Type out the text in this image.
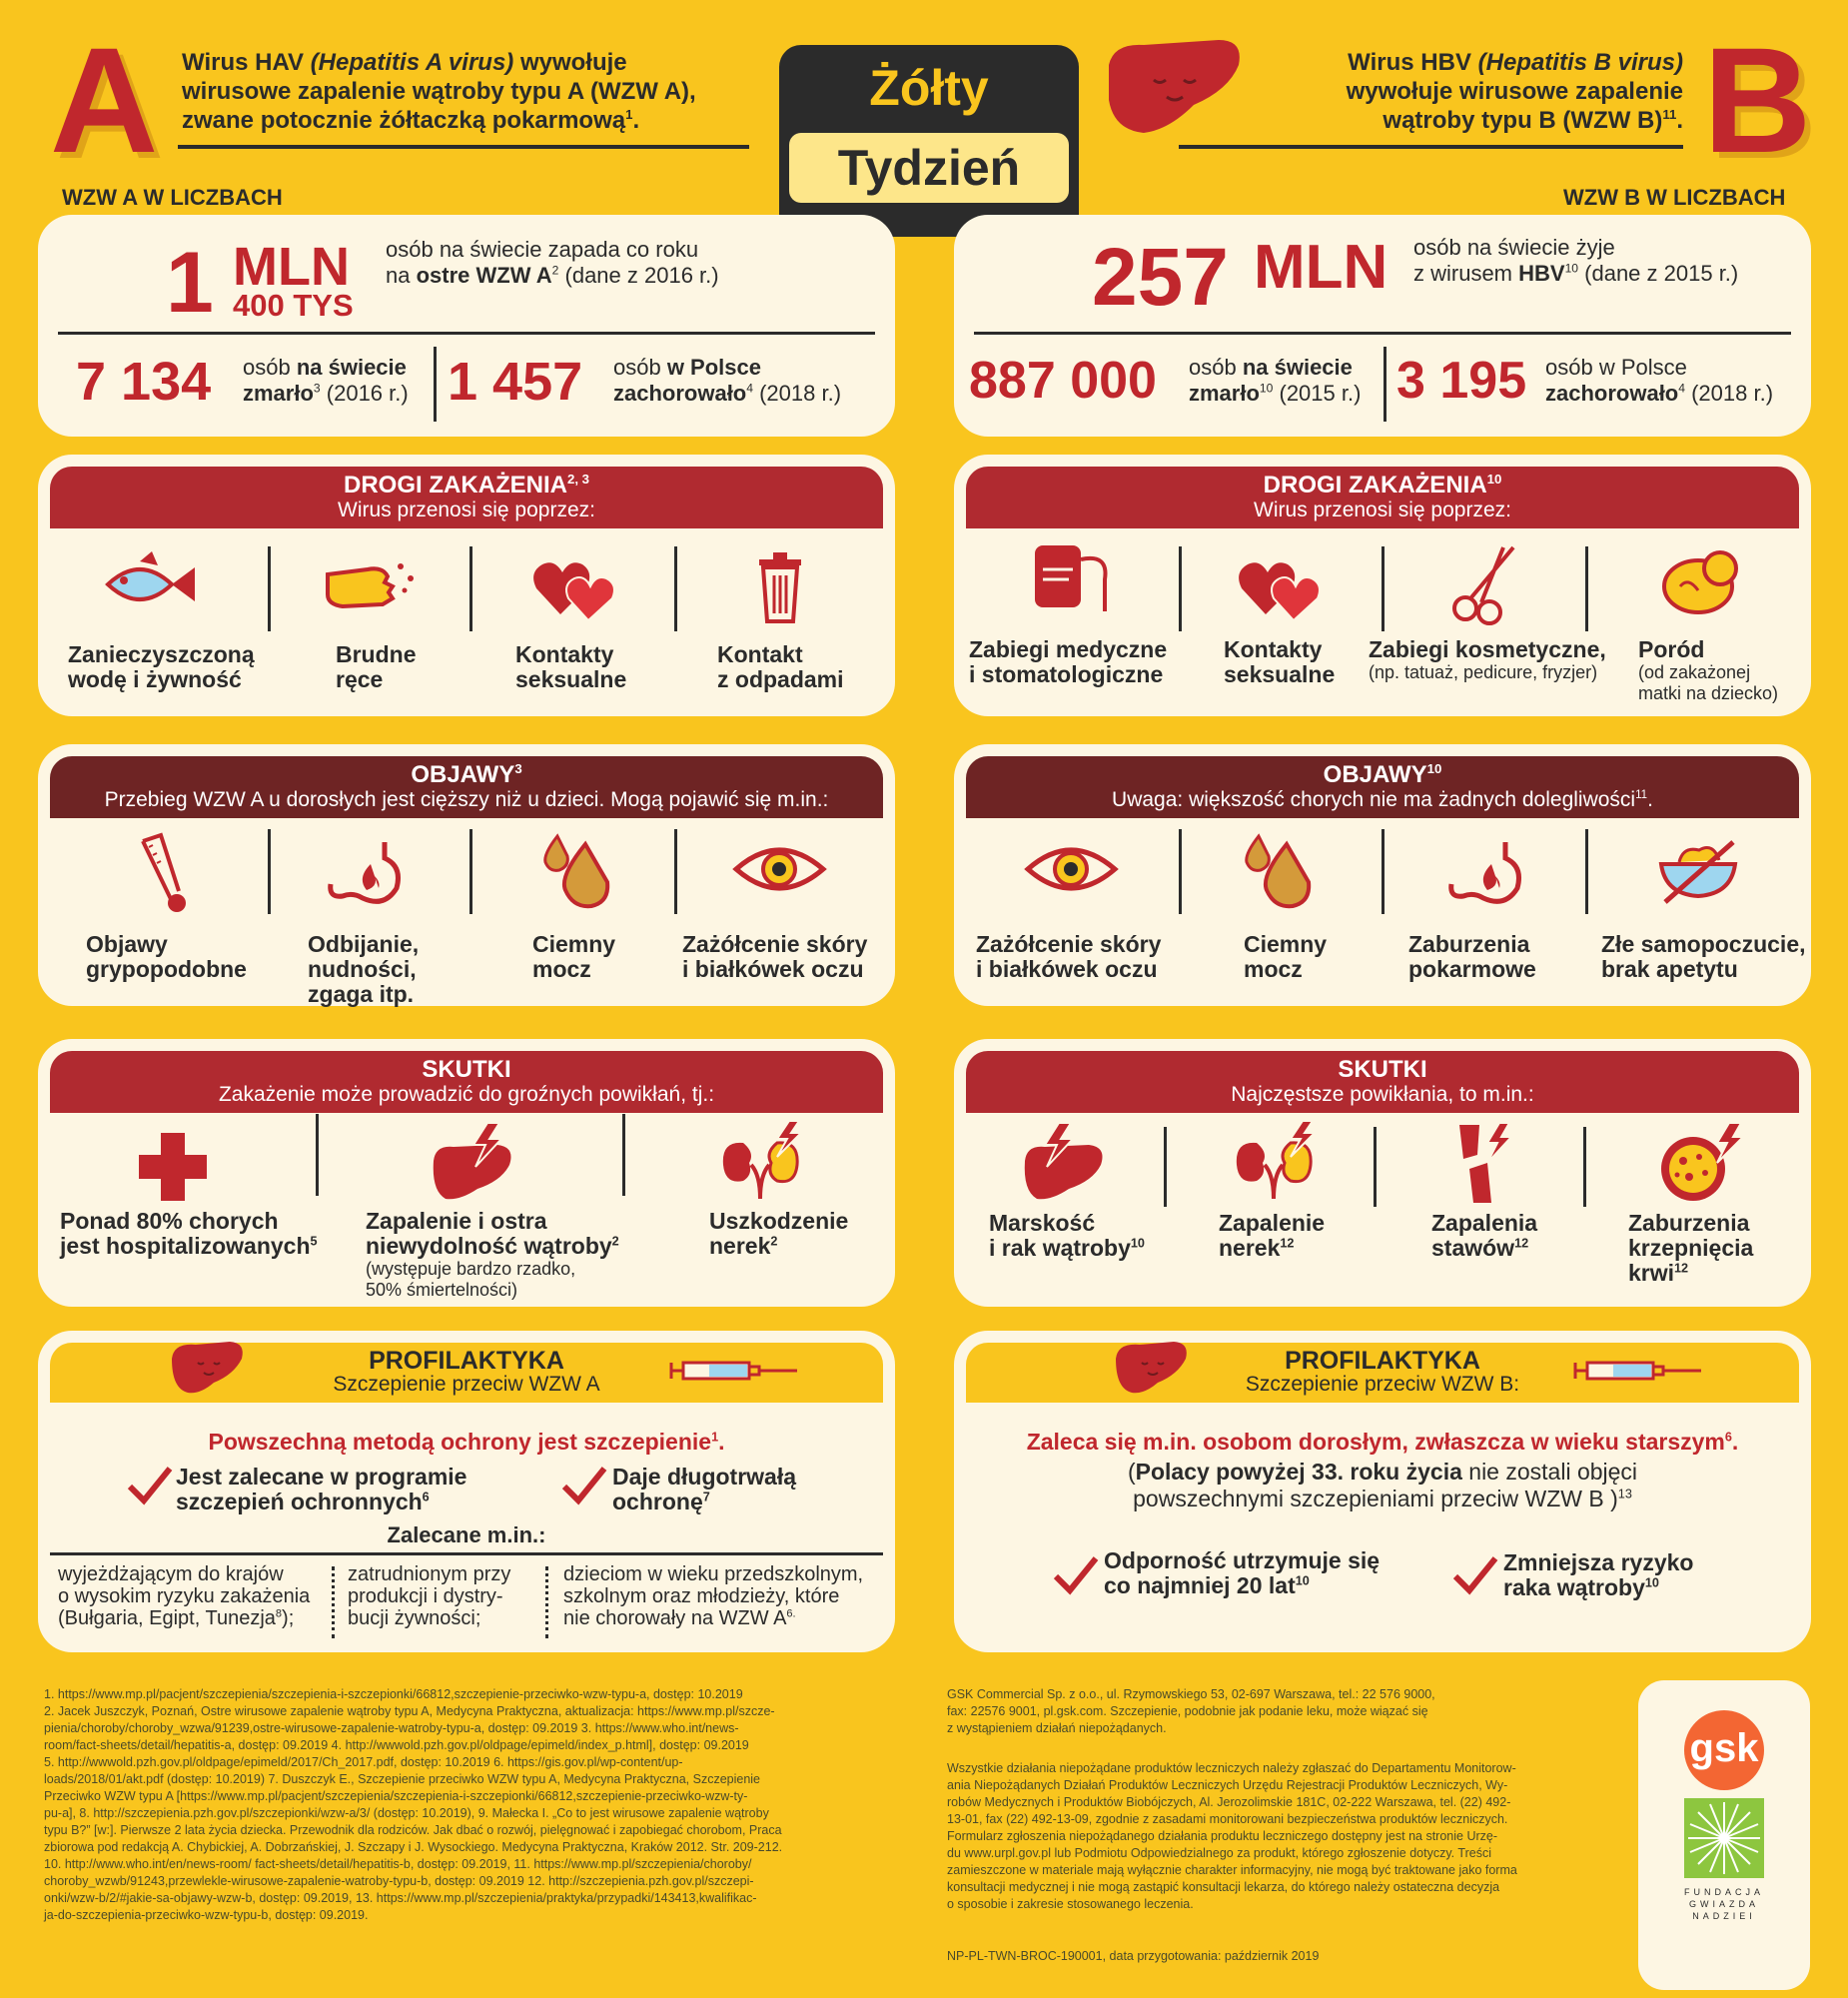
A Wirus HAV (Hepatitis A virus) wywołuje
wirusowe zapalenie wątroby typu A (WZW A),
zwane potocznie żółtaczką pokarmową$^1$.
Żółty
Tydzień
Wirus HBV (Hepatitis B virus)
wywołuje wirusowe zapalenie
wątroby typu B (WZW B)$^{11}$. B
WZW A W LICZBACH	WZW B W LICZBACH
1 MLN
400 TYS
osób na świecie zapada co roku
na ostre WZW $A^2$ (dane z 2016 r.)
7 134 osób na świecie
zmarło$^3$ (2016 r.) 1 457 osób w Polsce
zachorowało$^4$ (2018 r.)
257 MLN osób na świecie żyje
z wirusem HBV$^{10}$ (dane z 2015 r.)
887 000 osób na świecie
zmarło$^{10}$ (2015 r.) 3 195 osób w Polsce
zachorowało$^4$ (2018 r.)
DROGI ZAKAŻENIA$^{2, 3}$
Wirus przenosi się poprzez:
Zanieczyszczoną
wodę i żywność
Brudne
ręce
Kontakty
seksualne
Kontakt
z odpadami
DROGI ZAKAŻENIA$^{10}$
Wirus przenosi się poprzez:
Zabiegi medyczne
i stomatologiczne
Kontakty
seksualne
Zabiegi kosmetyczne,
(np. tatuaż, pedicure, fryzjer)
Poród
(od zakażonej
matki na dziecko)
OBJAWY$^3$
Przebieg WZW A u dorosłych jest cięższy niż u dzieci. Mogą pojawić się m.in.:
Objawy
grypopodobne
Odbijanie,
nudności,
zgaga itp.
Ciemny
mocz
Zażółcenie skóry
i białkówek oczu
OBJAWY$^{10}$
Uwaga: większość chorych nie ma żadnych dolegliwości$^{11}$.
Zażółcenie skóry
i białkówek oczu
Ciemny
mocz
Zaburzenia
pokarmowe
Złe samopoczucie,
brak apetytu
SKUTKI
Zakażenie może prowadzić do groźnych powikłań, tj.:
Ponad 80% chorych
jest hospitalizowanych$^5$
Zapalenie i ostra
niewydolność wątroby$^2$
(występuje bardzo rzadko,
50% śmiertelności)
Uszkodzenie
nerek$^2$
SKUTKI
Najczęstsze powikłania, to m.in.:
Marskość
i rak wątroby$^{10}$
Zapalenie
nerek$^{12}$
Zapalenia
stawów$^{12}$
Zaburzenia
krzepnięcia
krwi$^{12}$
PROFILAKTYKA
Szczepienie przeciw WZW A
Powszechną metodą ochrony jest szczepienie$^1$.
Jest zalecane w programie
szczepień ochronnych$^6$
Daje długotrwałą
ochronę$^7$
Zalecane m.in.:
wyjeżdżającym do krajów
o wysokim ryzyku zakażenia
(Bułgaria, Egipt, Tunezja$^8$);
zatrudnionym przy
produkcji i dystry-
bucji żywności;
dzieciom w wieku przedszkolnym,
szkolnym oraz młodzieży, które
nie chorowały na WZW $A^{6.}$
PROFILAKTYKA
Szczepienie przeciw WZW B:
Zaleca się m.in. osobom dorosłym, zwłaszcza w wieku starszym$^6$.
(Polacy powyżej 33. roku życia nie zostali objęci
powszechnymi szczepieniami przeciw WZW B )$^{13}$
Odporność utrzymuje się
co najmniej 20 lat$^{10}$
Zmniejsza ryzyko
raka wątroby$^{10}$
1. https://www.mp.pl/pacjent/szczepienia/szczepienia-i-szczepionki/66812,szczepienie-przeciwko-wzw-typu-a, dostęp: 10.2019
2. Jacek Juszczyk, Poznań, Ostre wirusowe zapalenie wątroby typu A, Medycyna Praktyczna, aktualizacja: https://www.mp.pl/szcze-
pienia/choroby/choroby_wzwa/91239,ostre-wirusowe-zapalenie-watroby-typu-a, dostęp: 09.2019 3. https://www.who.int/news-
room/fact-sheets/detail/hepatitis-a, dostęp: 09.2019 4. http://wwwold.pzh.gov.pl/oldpage/epimeld/index_p.html], dostęp: 09.2019
5. http://wwwold.pzh.gov.pl/oldpage/epimeld/2017/Ch_2017.pdf, dostęp: 10.2019 6. https://gis.gov.pl/wp-content/up-
loads/2018/01/akt.pdf (dostęp: 10.2019) 7. Duszczyk E., Szczepienie przeciwko WZW typu A, Medycyna Praktyczna, Szczepienie
Przeciwko WZW typu A [https://www.mp.pl/pacjent/szczepienia/szczepienia-i-szczepionki/66812,szczepienie-przeciwko-wzw-ty-
pu-a], 8. http://szczepienia.pzh.gov.pl/szczepionki/wzw-a/3/ (dostęp: 10.2019), 9. Małecka I. „Co to jest wirusowe zapalenie wątroby
typu B?” [w:]. Pierwsze 2 lata życia dziecka. Przewodnik dla rodziców. Jak dbać o rozwój, pielęgnować i zapobiegać chorobom, Praca
zbiorowa pod redakcją A. Chybickiej, A. Dobrzańskiej, J. Szczapy i J. Wysockiego. Medycyna Praktyczna, Kraków 2012. Str. 209-212.
10. http://www.who.int/en/news-room/ fact-sheets/detail/hepatitis-b, dostęp: 09.2019, 11. https://www.mp.pl/szczepienia/choroby/
choroby_wzwb/91243,przewlekle-wirusowe-zapalenie-watroby-typu-b, dostęp: 09.2019 12. http://szczepienia.pzh.gov.pl/szczepi-
onki/wzw-b/2/#jakie-sa-objawy-wzw-b, dostęp: 09.2019, 13. https://www.mp.pl/szczepienia/praktyka/przypadki/143413,kwalifikac-
ja-do-szczepienia-przeciwko-wzw-typu-b, dostęp: 09.2019.
GSK Commercial Sp. z o.o., ul. Rzymowskiego 53, 02-697 Warszawa, tel.: 22 576 9000,
fax: 22576 9001, pl.gsk.com. Szczepienie, podobnie jak podanie leku, może wiązać się
z wystąpieniem działań niepożądanych.
Wszystkie działania niepożądane produktów leczniczych należy zgłaszać do Departamentu Monitorow-
ania Niepożądanych Działań Produktów Leczniczych Urzędu Rejestracji Produktów Leczniczych, Wy-
robów Medycznych i Produktów Biobójczych, Al. Jerozolimskie 181C, 02-222 Warszawa, tel. (22) 492-
13-01, fax (22) 492-13-09, zgodnie z zasadami monitorowani bezpieczeństwa produktów leczniczych.
Formularz zgłoszenia niepożądanego działania produktu leczniczego dostępny jest na stronie Urzę-
du www.urpl.gov.pl lub Podmiotu Odpowiedzialnego za produkt, którego zgłoszenie dotyczy. Treści
zamieszczone w materiale mają wyłącznie charakter informacyjny, nie mogą być traktowane jako forma
konsultacji medycznej i nie mogą zastąpić konsultacji lekarza, do którego należy ostateczna decyzja
o sposobie i zakresie stosowanego leczenia.
NP-PL-TWN-BROC-190001, data przygotowania: październik 2019
gsk
FUNDACJA
GWIAZDA
NADZIEI
